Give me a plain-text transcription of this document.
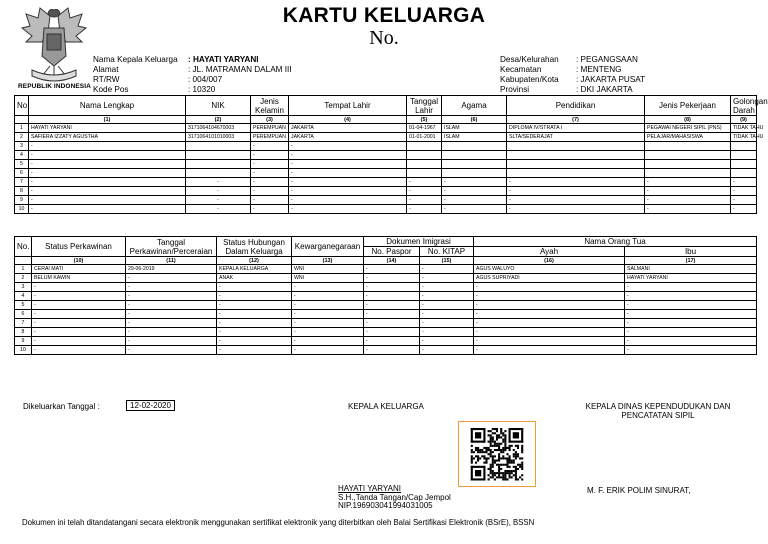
REPUBLIK INDONESIA
KARTU KELUARGA
No.
Nama Kepala Keluarga	: HAYATI YARYANI
Alamat	: JL. MATRAMAN DALAM III
RT/RW	: 004/007
Kode Pos	: 10320
Desa/Kelurahan	: PEGANGSAAN
Kecamatan	: MENTENG
Kabupaten/Kota	: JAKARTA PUSAT
Provinsi	: DKI JAKARTA
No	Nama Lengkap	NIK	Jenis Kelamin	Tempat Lahir	Tanggal Lahir	Agama	Pendidikan	Jenis Pekerjaan	Golongan Darah
	(1)	(2)	(3)	(4)	(5)	(6)	(7)	(8)	(9)
1	HAYATI YARYANI	3171064104670003	PEREMPUAN	JAKARTA	01-04-1967	ISLAM	DIPLOMA IV/STRATA I	PEGAWAI NEGERI SIPIL (PNS)	TIDAK TAHU
2	SAFIERA IZZATY AGUSTHA	3171064101010003	PEREMPUAN	JAKARTA	01-01-2001	ISLAM	SLTA/SEDERAJAT	PELAJAR/MAHASISWA	TIDAK TAHU
3	-		-	-					
4	-		-	-					
5	-		-	-					
6	-		-	-					
7	-	-	-	-	-	-	-	-	-
8	-	-	-	-	-	-	-	-	-
9	-	-	-	-	-	-	-	-	-
10	-	-	-	-	-	-	-	-	-
No.	Status Perkawinan	Tanggal Perkawinan/Perceraian	Status Hubungan Dalam Keluarga	Kewarganegaraan	Dokumen Imigrasi		Nama Orang Tua	
					No. Paspor	No. KITAP	Ayah	Ibu
	(10)	(11)	(12)	(13)	(14)	(15)	(16)	(17)
1	CERAI MATI	29-06-2019	KEPALA KELUARGA	WNI	-	-	AGUS WALUYO	SALMANI
2	BELUM KAWIN	-	ANAK	WNI	-	-	AGUS SUPRIYADI	HAYATI YARYANI
3	-	-	-	-	-	-	-	-
4	-	-	-	-	-	-	-	-
5	-	-	-	-	-	-	-	-
6	-	-	-	-	-	-	-	-
7	-	-	-	-	-	-	-	-
8	-	-	-	-	-	-	-	-
9	-	-	-	-	-	-	-	-
10	-	-	-	-	-	-	-	-
Dikeluarkan Tanggal :	12-02-2020	KEPALA KELUARGA	KEPALA DINAS KEPENDUDUKAN DAN PENCATATAN SIPIL
HAYATI YARYANI
S.H.,Tanda Tangan/Cap Jempol
NIP.196903041994031005
M. F. ERIK POLIM SINURAT,
Dokumen ini telah ditandatangani secara elektronik menggunakan sertifikat elektronik yang diterbitkan oleh Balai Sertifikasi Elektronik (BSrE), BSSN
